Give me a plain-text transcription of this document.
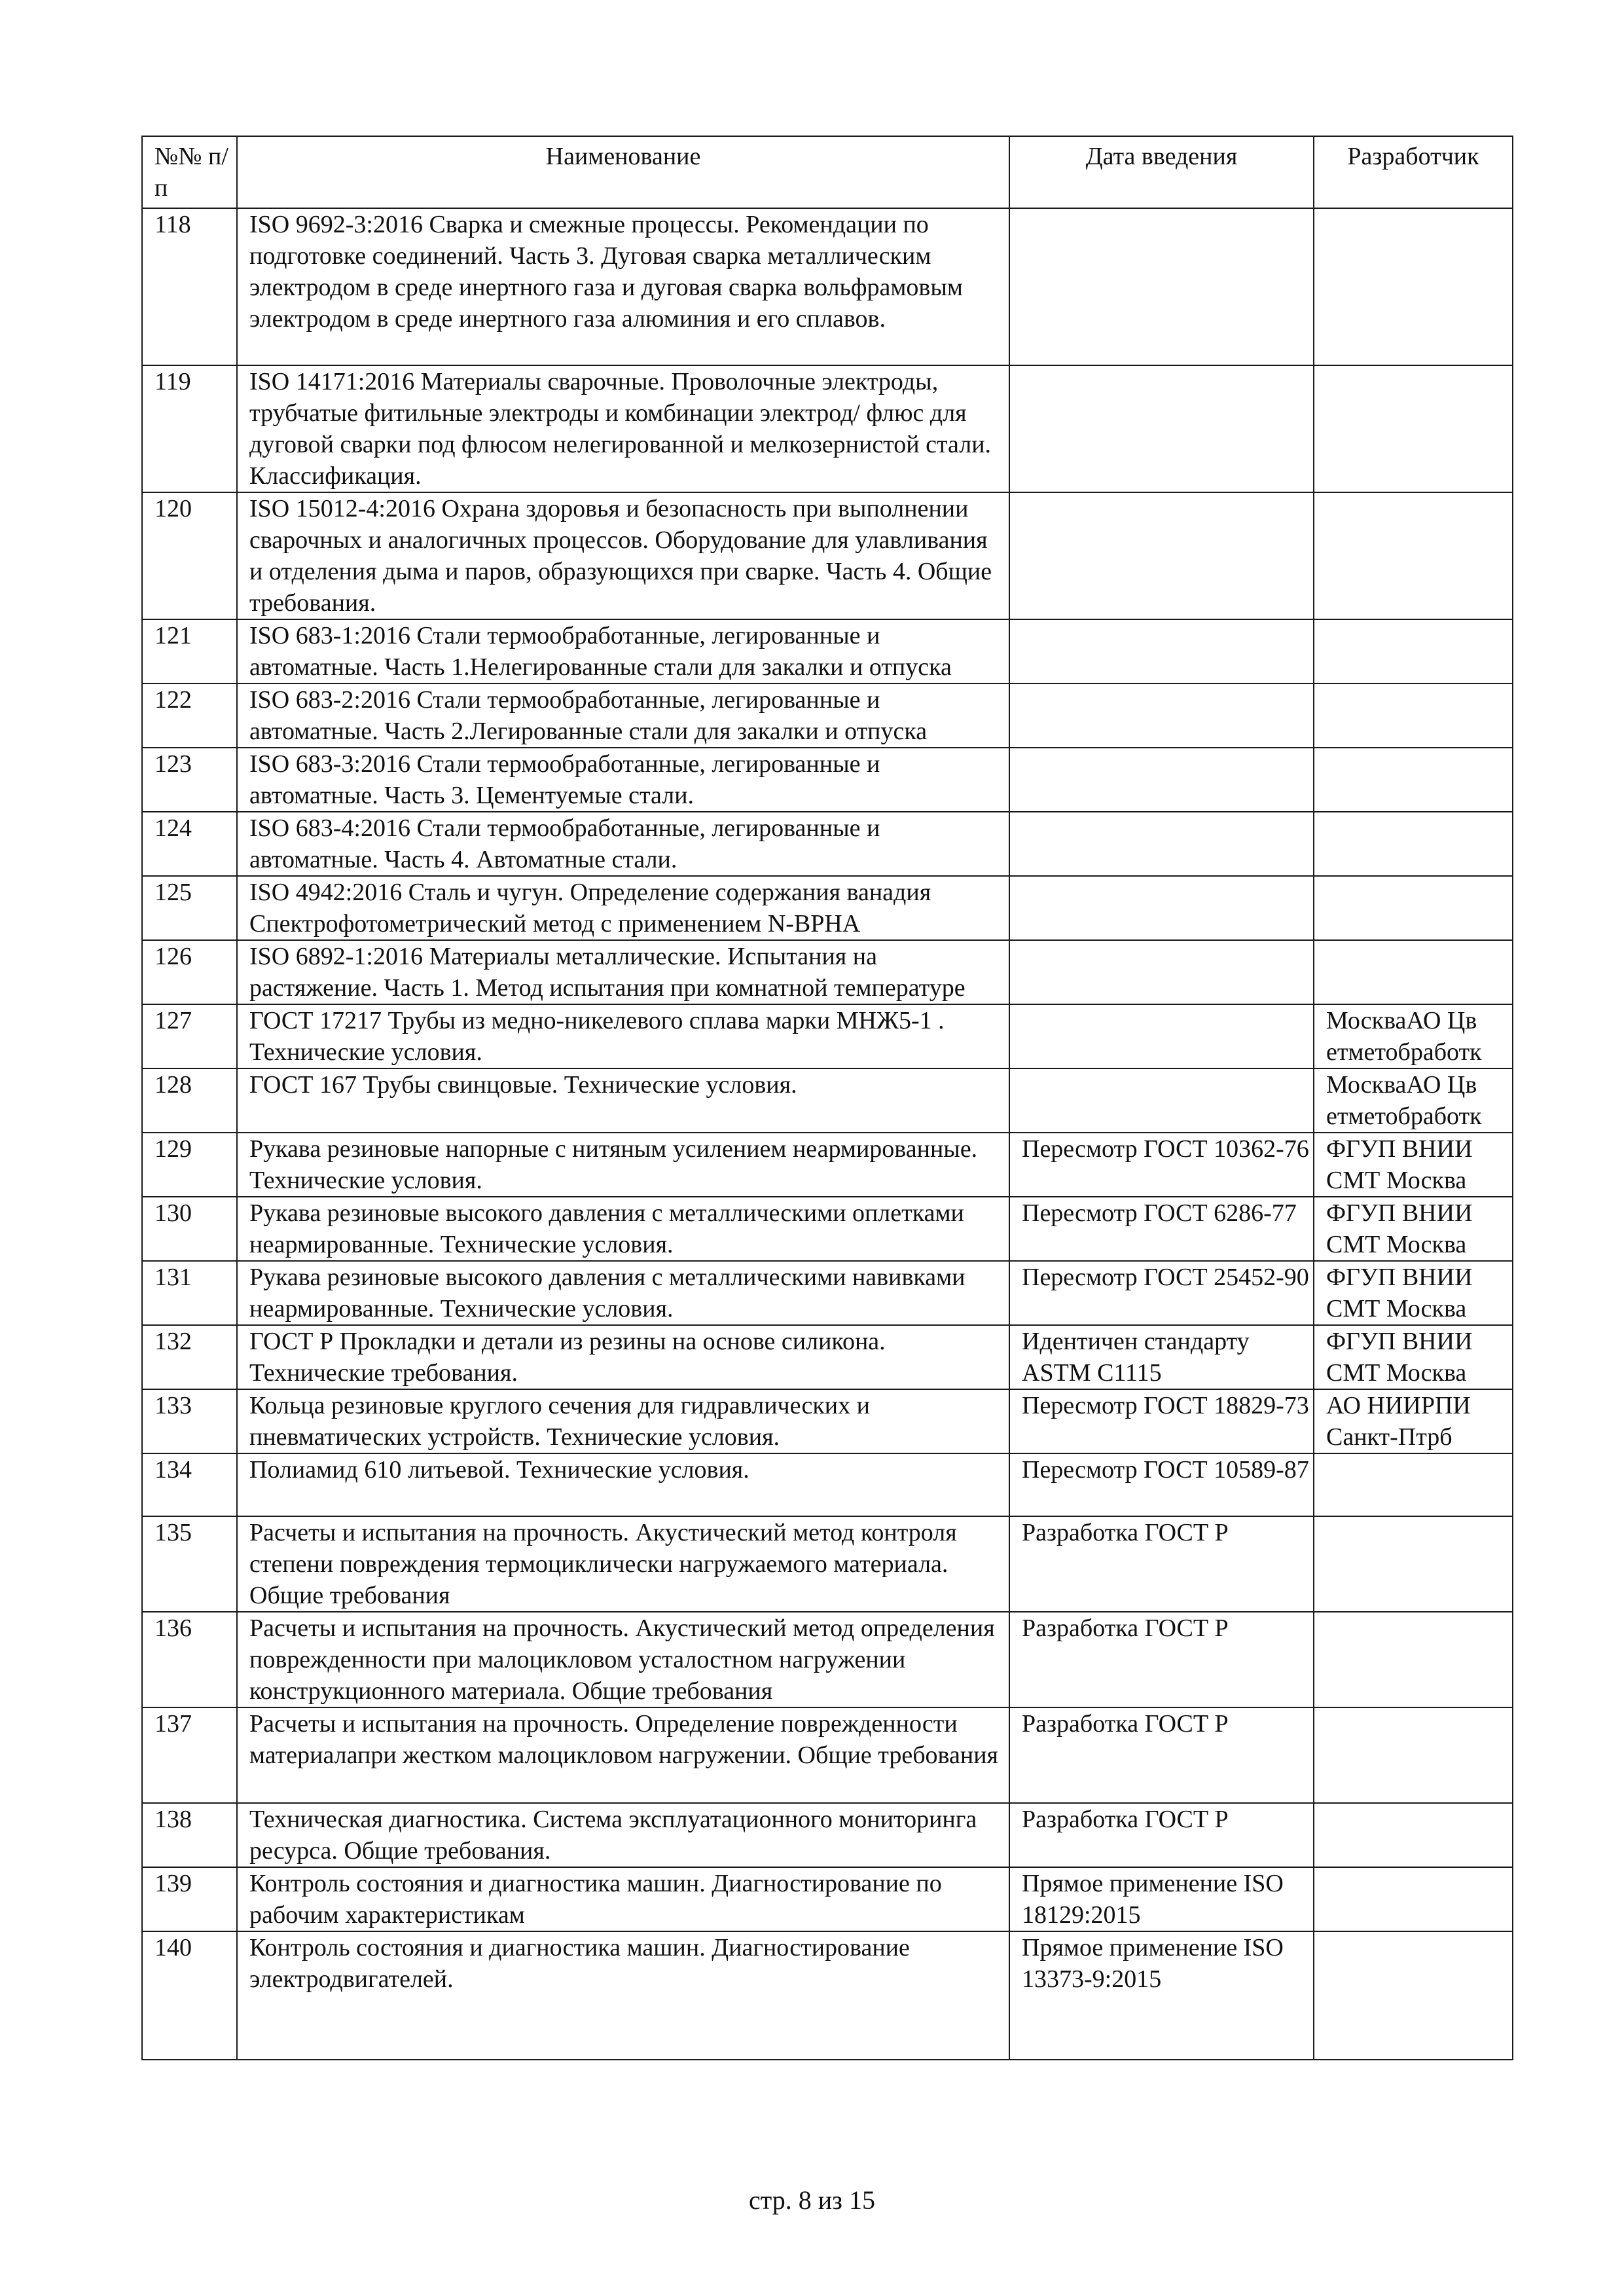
№№ п/п	Наименование	Дата введения	Разработчик
118	ISO 9692-3:2016 Сварка и смежные процессы. Рекомендации по подготовке соединений. Часть 3. Дуговая сварка металлическим электродом в среде инертного газа и дуговая сварка вольфрамовым электродом в среде инертного газа алюминия и его сплавов.		
119	ISO 14171:2016 Материалы сварочные. Проволочные электроды, трубчатые фитильные электроды и комбинации электрод/ флюс для дуговой сварки под флюсом нелегированной и мелкозернистой стали. Классификация.		
120	ISO 15012-4:2016 Охрана здоровья и безопасность при выполнении сварочных и аналогичных процессов. Оборудование для улавливания и отделения дыма и паров, образующихся при сварке. Часть 4. Общие требования.		
121	ISO 683-1:2016 Стали термообработанные, легированные и автоматные. Часть 1.Нелегированные стали для закалки и отпуска		
122	ISO 683-2:2016 Стали термообработанные, легированные и автоматные. Часть 2.Легированные стали для закалки и отпуска		
123	ISO 683-3:2016 Стали термообработанные, легированные и автоматные. Часть 3. Цементуемые стали.		
124	ISO 683-4:2016 Стали термообработанные, легированные и автоматные. Часть 4. Автоматные стали.		
125	ISO 4942:2016 Сталь и чугун. Определение содержания ванадия Спектрофотометрический метод с применением N-BPHA		
126	ISO 6892-1:2016 Материалы металлические. Испытания на растяжение. Часть 1. Метод испытания при комнатной температуре		
127	ГОСТ 17217 Трубы из медно-никелевого сплава марки МНЖ5-1 . Технические условия.		МоскваАО Цв етметобработк
128	ГОСТ 167 Трубы свинцовые. Технические условия.		МоскваАО Цв етметобработк
129	Рукава резиновые напорные с нитяным усилением неармированные. Технические условия.	Пересмотр ГОСТ 10362-76	ФГУП ВНИИ СМТ Москва
130	Рукава резиновые высокого давления с металлическими оплетками неармированные. Технические условия.	Пересмотр ГОСТ 6286-77	ФГУП ВНИИ СМТ Москва
131	Рукава резиновые высокого давления с металлическими навивками неармированные. Технические условия.	Пересмотр ГОСТ 25452-90	ФГУП ВНИИ СМТ Москва
132	ГОСТ Р Прокладки и детали из резины на основе силикона. Технические требования.	Идентичен стандарту ASTM C1115	ФГУП ВНИИ СМТ Москва
133	Кольца резиновые круглого сечения для гидравлических и пневматических устройств. Технические условия.	Пересмотр ГОСТ 18829-73	АО НИИРПИ Санкт-Птрб
134	Полиамид 610 литьевой. Технические условия.	Пересмотр ГОСТ 10589-87	
135	Расчеты и испытания на прочность. Акустический метод контроля степени повреждения термоциклически нагружаемого материала. Общие требования	Разработка ГОСТ Р	
136	Расчеты и испытания на прочность. Акустический метод определения поврежденности при малоцикловом усталостном нагружении конструкционного материала. Общие требования	Разработка ГОСТ Р	
137	Расчеты и испытания на прочность. Определение поврежденности материалапри жестком малоцикловом нагружении. Общие требования	Разработка ГОСТ Р	
138	Техническая диагностика. Система эксплуатационного мониторинга ресурса. Общие требования.	Разработка ГОСТ Р	
139	Контроль состояния и диагностика машин. Диагностирование по рабочим характеристикам	Прямое применение ISO 18129:2015	
140	Контроль состояния и диагностика машин. Диагностирование электродвигателей.	Прямое применение ISO 13373-9:2015	
стр. 8 из 15
